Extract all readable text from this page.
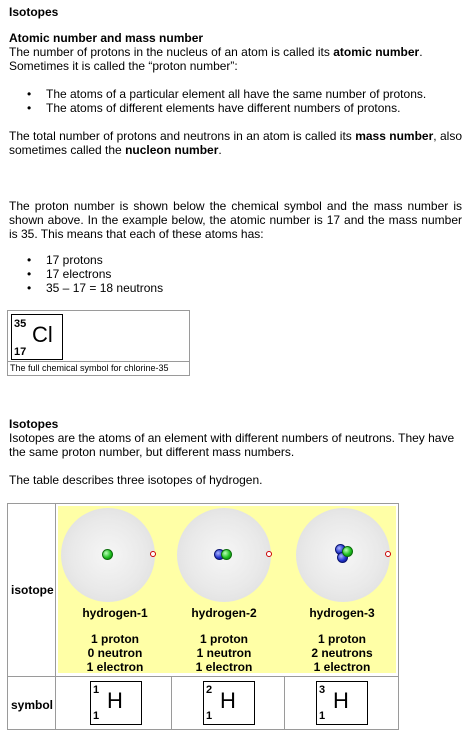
Isotopes
Atomic number and mass number
The number of protons in the nucleus of an atom is called its atomic number.
Sometimes it is called the “proton number”:
• The atoms of a particular element all have the same number of protons.
• The atoms of different elements have different numbers of protons.
The total number of protons and neutrons in an atom is called its mass number, also sometimes called the nucleon number.
The proton number is shown below the chemical symbol and the mass number is shown above. In the example below, the atomic number is 17 and the mass number is 35. This means that each of these atoms has:
• 17 protons
• 17 electrons
• 35 – 17 = 18 neutrons
35
17
Cl
The full chemical symbol for chlorine-35
Isotopes
Isotopes are the atoms of an element with different numbers of neutrons. They have the same proton number, but different mass numbers.
The table describes three isotopes of hydrogen.
isotope
symbol
hydrogen-1
1 proton
0 neutron
1 electron
hydrogen-2
1 proton
1 neutron
1 electron
hydrogen-3
1 proton
2 neutrons
1 electron
1
1
H	2
1
H	3
1
H
